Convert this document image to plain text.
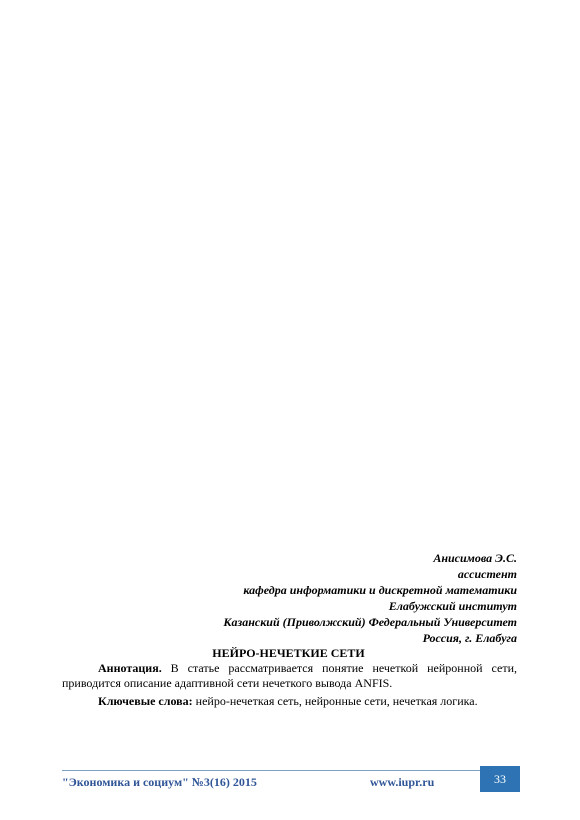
Анисимова Э.С.
ассистент
кафедра информатики и дискретной математики
Елабужский институт
Казанский (Приволжский) Федеральный Университет
Россия, г. Елабуга
НЕЙРО-НЕЧЕТКИЕ СЕТИ
Аннотация. В статье рассматривается понятие нечеткой нейронной сети, приводится описание адаптивной сети нечеткого вывода ANFIS.
Ключевые слова: нейро-нечеткая сеть, нейронные сети, нечеткая логика.
"Экономика и социум" №3(16) 2015	www.iupr.ru	33
